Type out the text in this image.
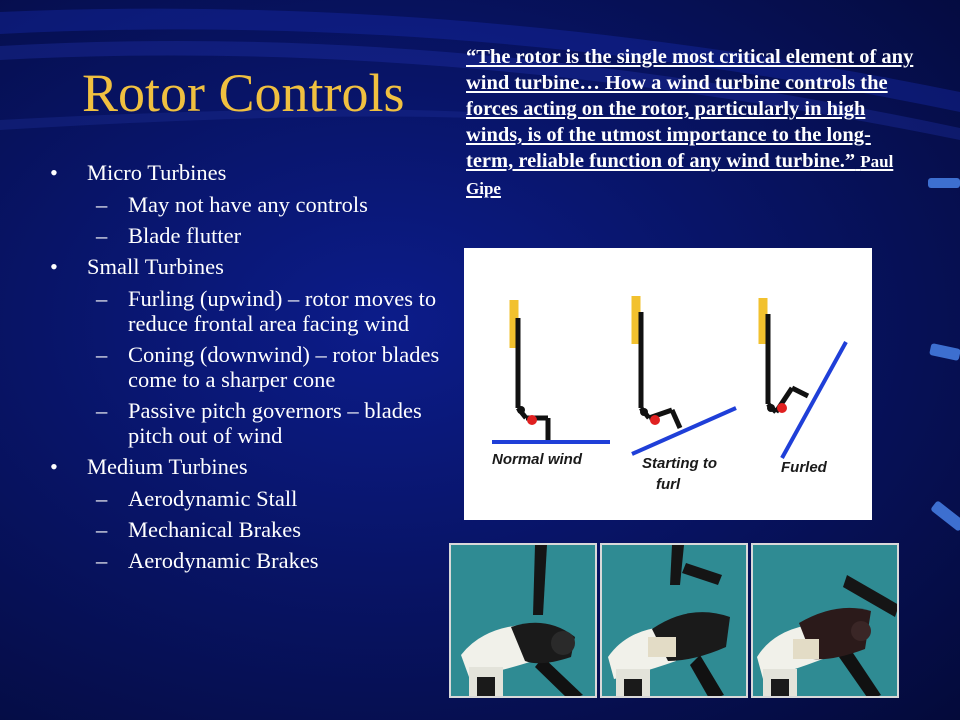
Rotor Controls
“The rotor is the single most critical element of any wind turbine… How a wind turbine controls the forces acting on the rotor, particularly in high winds, is of the utmost importance to the long-term, reliable function of any wind turbine.” Paul Gipe
• Micro Turbines
– May not have any controls
– Blade flutter
• Small Turbines
– Furling (upwind) – rotor moves to reduce frontal area facing wind
– Coning (downwind) – rotor blades come to a sharper cone
– Passive pitch governors – blades pitch out of wind
• Medium Turbines
– Aerodynamic Stall
– Mechanical Brakes
– Aerodynamic Brakes
Normal wind	Starting to
furl
Furled
